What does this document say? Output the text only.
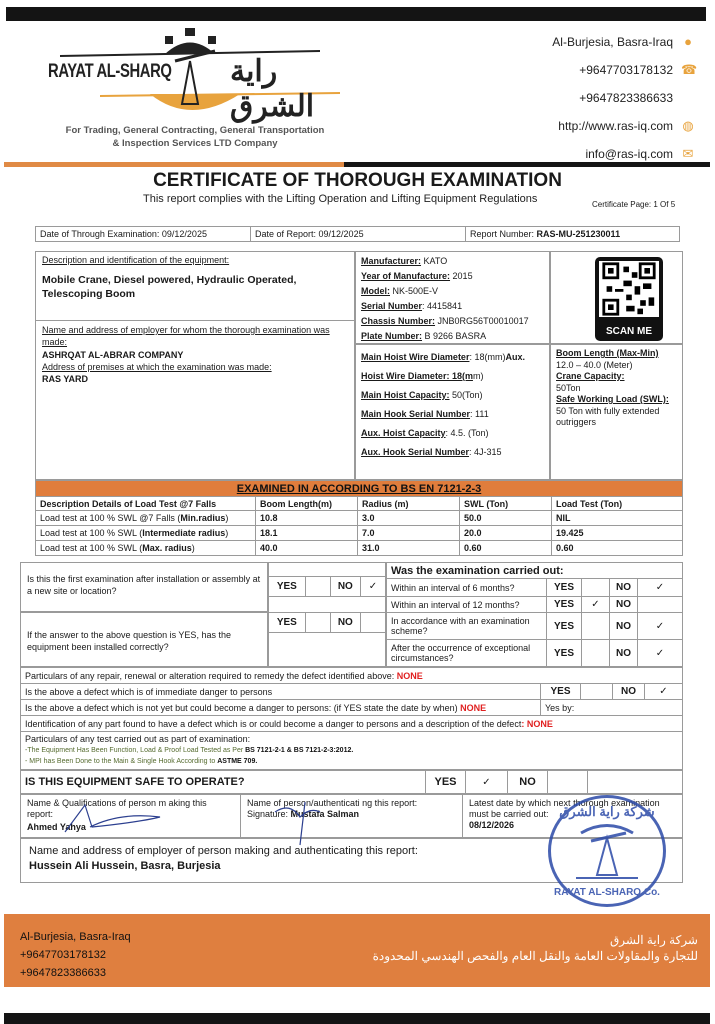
RAYAT AL-SHARQ راية الشرق
For Trading, General Contracting, General Transportation
& Inspection Services LTD Company
Al-Burjesia, Basra-Iraq ●
+9647703178132 ☎
+9647823386633
http://www.ras-iq.com ◍
info@ras-iq.com ✉
CERTIFICATE OF THOROUGH EXAMINATION
This report complies with the Lifting Operation and Lifting Equipment Regulations	Certificate Page: 1 Of 5
Date of Through Examination: 09/12/2025	Date of Report: 09/12/2025	Report Number: RAS-MU-251230011
Description and identification of the equipment:
Mobile Crane, Diesel powered, Hydraulic Operated, Telescoping Boom
Name and address of employer for whom the thorough examination was made:
ASHRQAT AL-ABRAR COMPANY
Address of premises at which the examination was made:
RAS YARD
Manufacturer: KATO
Year of Manufacture: 2015
Model: NK-500E-V
Serial Number: 4415841
Chassis Number: JNB0RG56T00010017
Plate Number: B 9266 BASRA	SCAN ME
Main Hoist Wire Diameter: 18(mm)Aux.
Hoist Wire Diameter: 18(mm)
Main Hoist Capacity: 50(Ton)
Main Hook Serial Number: 111
Aux. Hoist Capacity: 4.5. (Ton)
Aux. Hook Serial Number: 4J-315
Boom Length (Max-Min)
12.0 – 40.0 (Meter)
Crane Capacity:
50Ton
Safe Working Load (SWL):
50 Ton with fully extended outriggers
EXAMINED IN ACCORDING TO BS EN 7121-2-3				
Description Details of Load Test @7 Falls	Boom Length(m)	Radius (m)	SWL (Ton)	Load Test (Ton)
Load test at 100 % SWL @7 Falls (Min.radius)	10.8	3.0	50.0	NIL
Load test at 100 % SWL (Intermediate radius)	18.1	7.0	20.0	19.425
Load test at 100 % SWL (Max. radius)	40.0	31.0	0.60	0.60
Is this the first examination after installation or assembly at a new site or location?
If the answer to the above question is YES, has the equipment been installed correctly?

YES		NO	✓

YES		NO	

Was the examination carried out:				
Within an interval of 6 months?	YES		NO	✓
Within an interval of 12 months?	YES	✓	NO	
In accordance with an examination scheme?	YES		NO	✓
After the occurrence of exceptional circumstances?	YES		NO	✓
Particulars of any repair, renewal or alteration required to remedy the defect identified above: NONE				
Is the above a defect which is of immediate danger to persons	YES		NO	✓
Is the above a defect which is not yet but could become a danger to persons: (if YES state the date by when) NONE	Yes by:			
Identification of any part found to have a defect which is or could become a danger to persons and a description of the defect: NONE				

Particulars of any test carried out as part of examination:
-The Equipment Has Been Function, Load & Proof Load Tested as Per BS 7121-2-1 & BS 7121-2-3:2012.
- MPI has Been Done to the Main & Single Hook According to ASTME 709.				
IS THIS EQUIPMENT SAFE TO OPERATE?	YES	✓	NO		
Name & Qualifications of person m aking this report:
Ahmed Yahya

Name of person/authenticati ng this report:
Signature: Mustafa Salman

Latest date by which next thorough examination must be carried out:
08/12/2026
Name and address of employer of person making and authenticating this report:
Hussein Ali Hussein, Basra, Burjesia
شركة راية الشرق
RAYAT AL-SHARQ Co.
Al-Burjesia, Basra-Iraq
+9647703178132
+9647823386633
شركة راية الشرق
للتجارة والمقاولات العامة والنقل العام والفحص الهندسي المحدودة
